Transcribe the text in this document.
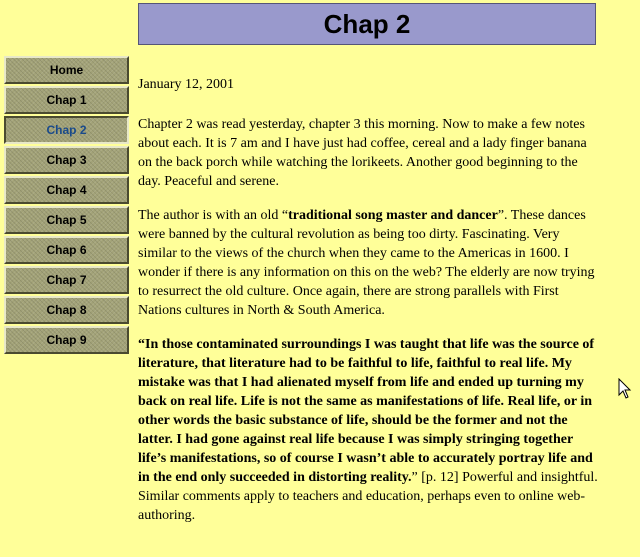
Chap 2
Home
Chap 1
Chap 2
Chap 3
Chap 4
Chap 5
Chap 6
Chap 7
Chap 8
Chap 9

January 12, 2001

Chapter 2 was read yesterday, chapter 3 this morning. Now to make a few notes about each. It is 7 am and I have just had coffee, cereal and a lady finger banana on the back porch while watching the lorikeets. Another good beginning to the day. Peaceful and serene.

The author is with an old “traditional song master and dancer”. These dances were banned by the cultural revolution as being too dirty. Fascinating. Very similar to the views of the church when they came to the Americas in 1600. I wonder if there is any information on this on the web? The elderly are now trying to resurrect the old culture. Once again, there are strong parallels with First Nations cultures in North & South America.

“In those contaminated surroundings I was taught that life was the source of literature, that literature had to be faithful to life, faithful to real life. My mistake was that I had alienated myself from life and ended up turning my back on real life. Life is not the same as manifestations of life. Real life, or in other words the basic substance of life, should be the former and not the latter. I had gone against real life because I was simply stringing together life’s manifestations, so of course I wasn’t able to accurately portray life and in the end only succeeded in distorting reality.” [p. 12] Powerful and insightful. Similar comments apply to teachers and education, perhaps even to online web-authoring.
